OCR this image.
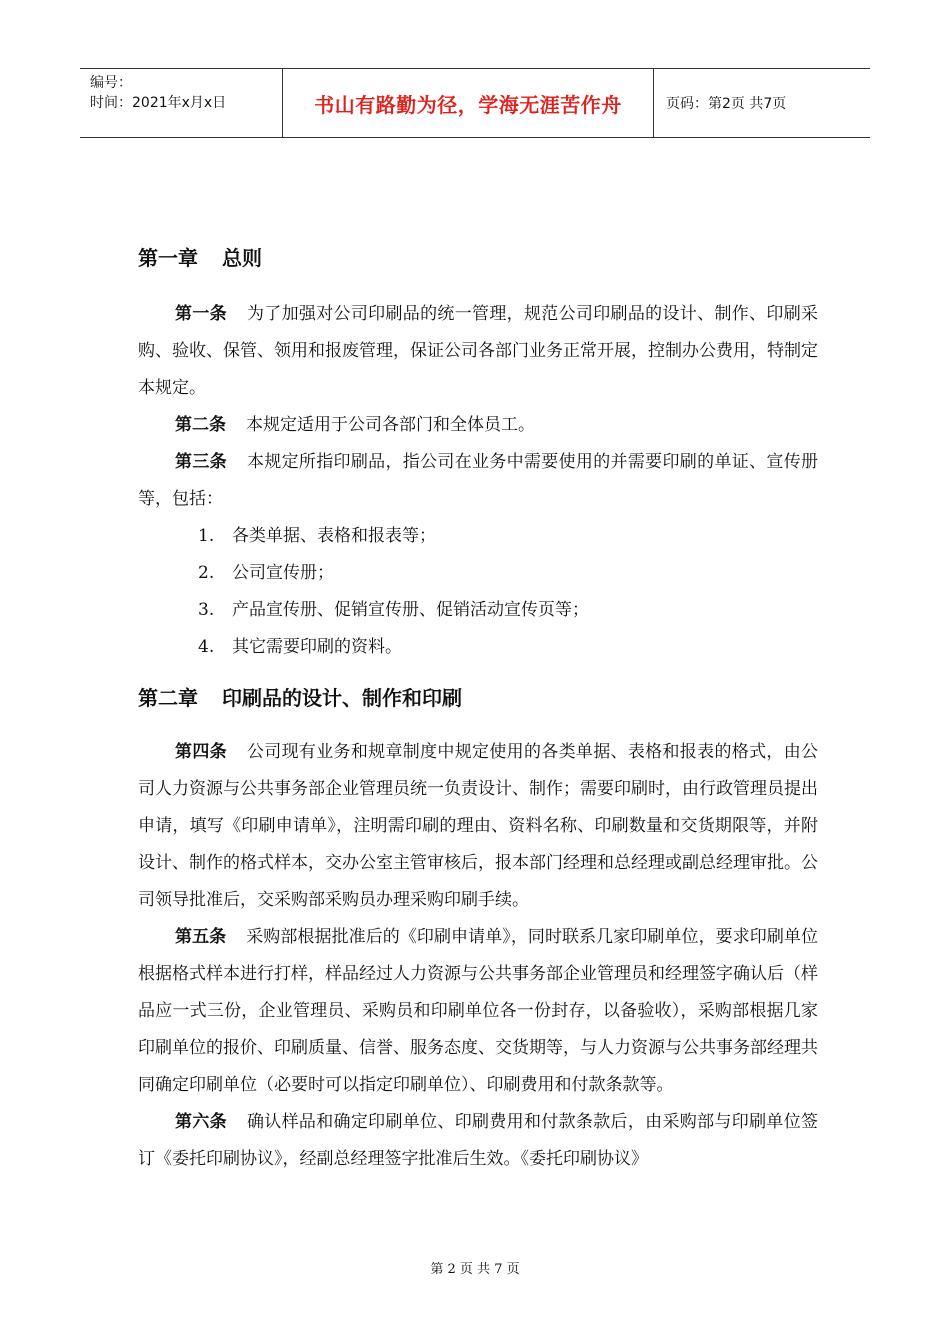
编号：
时间：2021年x月x日	书山有路勤为径，学海无涯苦作舟	页码：第2页 共7页
第一章 总则

第一条 为了加强对公司印刷品的统一管理，规范公司印刷品的设计、制作、印刷采购、验收、保管、领用和报废管理，保证公司各部门业务正常开展，控制办公费用，特制定本规定。

第二条 本规定适用于公司各部门和全体员工。

第三条 本规定所指印刷品，指公司在业务中需要使用的并需要印刷的单证、宣传册等，包括：

1. 各类单据、表格和报表等；

2. 公司宣传册；

3. 产品宣传册、促销宣传册、促销活动宣传页等；

4. 其它需要印刷的资料。

第二章 印刷品的设计、制作和印刷

第四条 公司现有业务和规章制度中规定使用的各类单据、表格和报表的格式，由公司人力资源与公共事务部企业管理员统一负责设计、制作；需要印刷时，由行政管理员提出申请，填写《印刷申请单》，注明需印刷的理由、资料名称、印刷数量和交货期限等，并附设计、制作的格式样本，交办公室主管审核后，报本部门经理和总经理或副总经理审批。公司领导批准后，交采购部采购员办理采购印刷手续。

第五条 采购部根据批准后的《印刷申请单》，同时联系几家印刷单位，要求印刷单位根据格式样本进行打样，样品经过人力资源与公共事务部企业管理员和经理签字确认后（样品应一式三份，企业管理员、采购员和印刷单位各一份封存，以备验收），采购部根据几家印刷单位的报价、印刷质量、信誉、服务态度、交货期等，与人力资源与公共事务部经理共同确定印刷单位（必要时可以指定印刷单位）、印刷费用和付款条款等。

第六条 确认样品和确定印刷单位、印刷费用和付款条款后，由采购部与印刷单位签订《委托印刷协议》，经副总经理签字批准后生效。《委托印刷协议》

第 2 页 共 7 页
